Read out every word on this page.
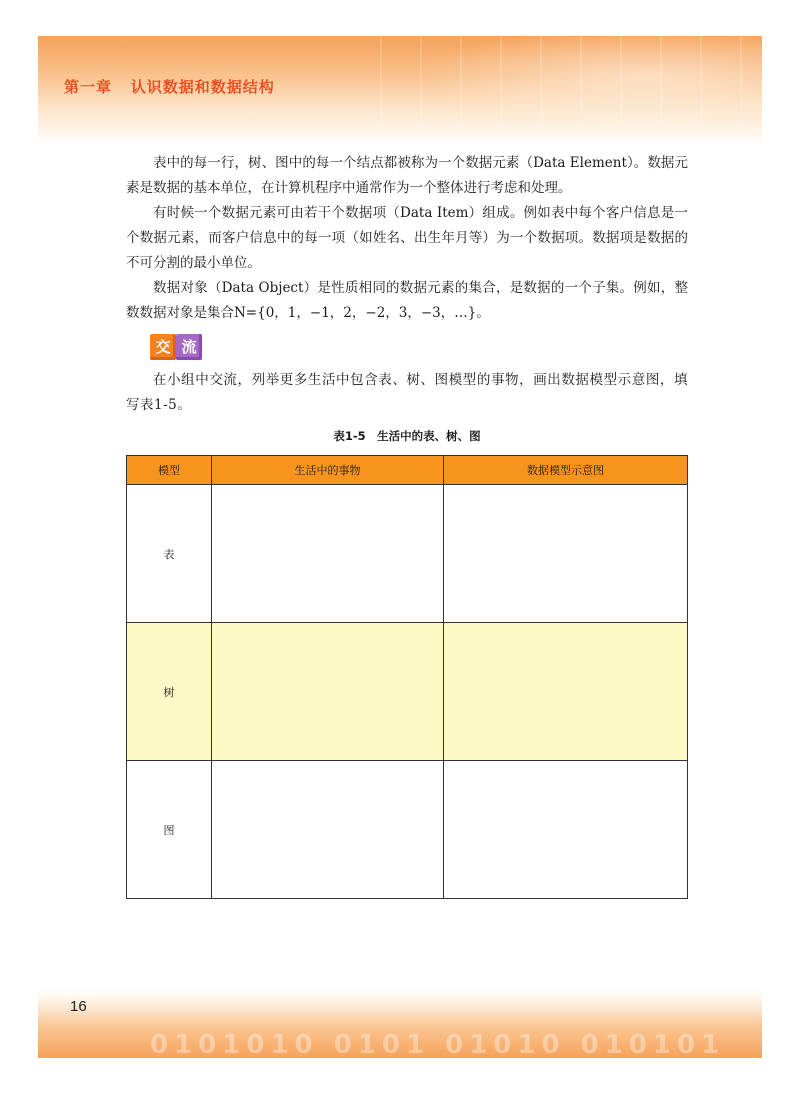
第一章 认识数据和数据结构

表中的每一行，树、图中的每一个结点都被称为一个数据元素（Data Element）。数据元素是数据的基本单位，在计算机程序中通常作为一个整体进行考虑和处理。

有时候一个数据元素可由若干个数据项（Data Item）组成。例如表中每个客户信息是一个数据元素，而客户信息中的每一项（如姓名、出生年月等）为一个数据项。数据项是数据的不可分割的最小单位。

数据对象（Data Object）是性质相同的数据元素的集合，是数据的一个子集。例如，整数数据对象是集合N={0，1，−1，2，−2，3，−3，…}。

交 流

在小组中交流，列举更多生活中包含表、树、图模型的事物，画出数据模型示意图，填写表1-5。

表1-5　生活中的表、树、图
模型	生活中的事物	数据模型示意图
表		
树		
图		
0101010 0101 01010 010101
16
